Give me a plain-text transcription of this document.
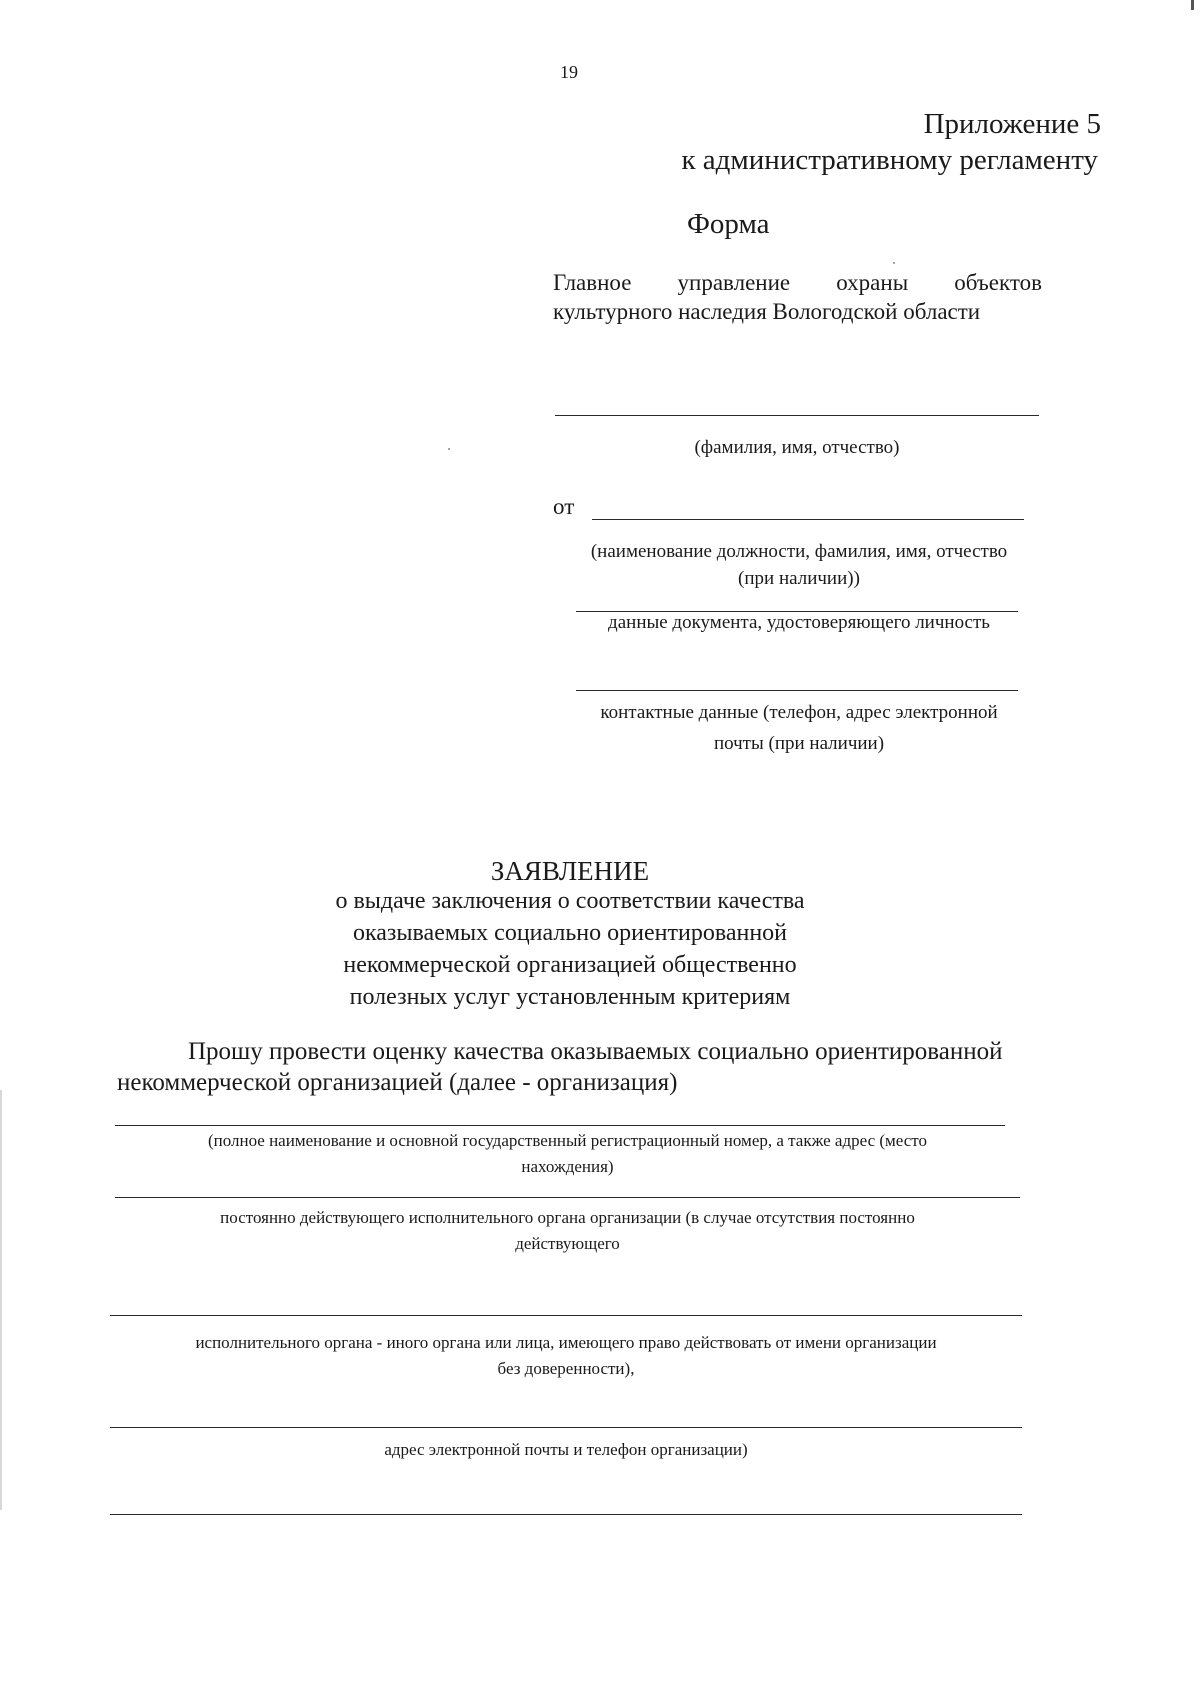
19
Приложение 5
к административному регламенту
Форма
Главное управление охраны объектов
культурного наследия Вологодской области
(фамилия, имя, отчество)
от
(наименование должности, фамилия, имя, отчество
(при наличии))
данные документа, удостоверяющего личность
контактные данные (телефон, адрес электронной
почты (при наличии)
ЗАЯВЛЕНИЕ
о выдаче заключения о соответствии качества
оказываемых социально ориентированной
некоммерческой организацией общественно
полезных услуг установленным критериям
Прошу провести оценку качества оказываемых социально ориентированной
некоммерческой организацией (далее - организация)
(полное наименование и основной государственный регистрационный номер, а также адрес (место
нахождения)
постоянно действующего исполнительного органа организации (в случае отсутствия постоянно
действующего
исполнительного органа - иного органа или лица, имеющего право действовать от имени организации
без доверенности),
адрес электронной почты и телефон организации)
